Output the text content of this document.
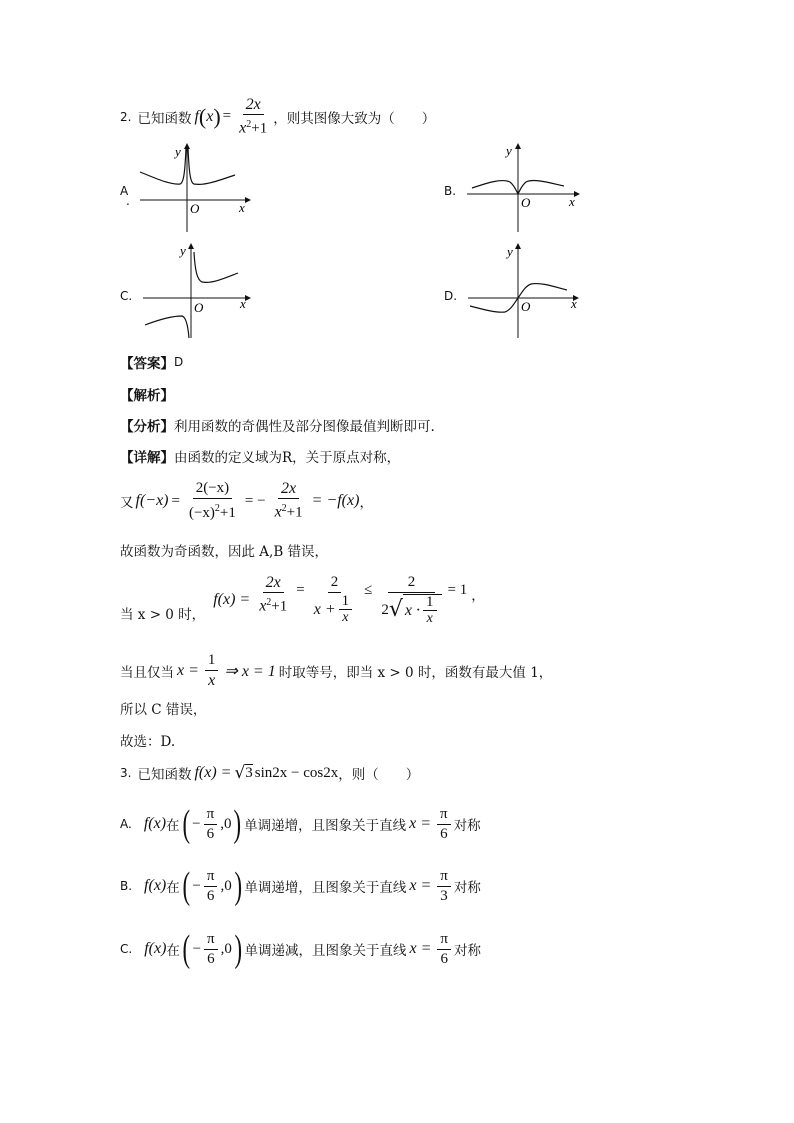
2. 已知函数 f ( x ) = $\frac{2x}{x^2+1}$ ，则其图像大致为（　　）
A
.
B.
C.	D.
y
O	x
y
O	x
y
O	x
y
O	x
【答案】 D
【解析】
【分析】 利用函数的奇偶性及部分图像最值判断即可.
【详解】 由函数的定义域为R，关于原点对称，
又 $f(-x) = \frac{2(-x)}{(-x)^2+1}$ = − $\frac{2x}{x^2+1} = -f(x)$ ，
故函数为奇函数，因此 A,B 错误，
当 x > 0 时，
$f(x) = \frac{2x}{x^2+1} = \frac{2}{x + \frac{1}{x}}$ ≤	2
2 √ $x \cdot \frac{1}{x}$
= 1 ，
当且仅当 $x = \frac{1}{x}$ ⇒ x = 1 时取等号，即当 x > 0 时，函数有最大值 1，
所以 C 错误，
故选：D.
3. 已知函数 f(x) = √ 3 sin2x − cos2x ，则（　　）
A. f(x) 在 ( − $\frac{\pi}{6} ,0$ ) 单调递增，且图象关于直线 $x = \frac{\pi}{6}$ 对称
B. f(x) 在 ( − $\frac{\pi}{6} ,0$ ) 单调递增，且图象关于直线 $x = \frac{\pi}{3}$ 对称
C. f(x) 在 ( − $\frac{\pi}{6} ,0$ ) 单调递减，且图象关于直线 $x = \frac{\pi}{6}$ 对称
